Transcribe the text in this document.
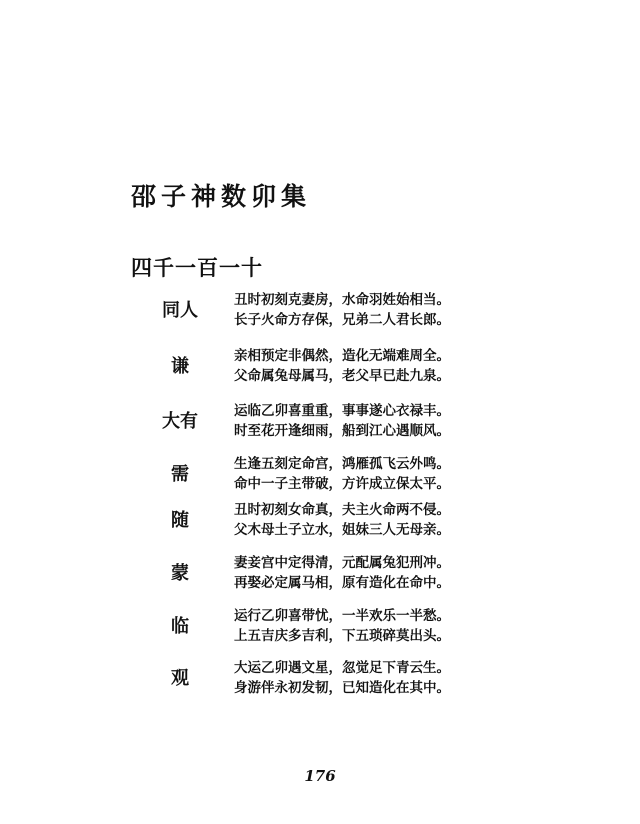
邵子神数卯集
四千一百一十
同人	丑时初刻克妻房，水命羽姓始相当。
长子火命方存保，兄弟二人君长郎。
谦	亲相预定非偶然，造化无端难周全。
父命属兔母属马，老父早已赴九泉。
大有	运临乙卯喜重重，事事遂心衣禄丰。
时至花开逢细雨，船到江心遇顺风。
需	生逢五刻定命宫，鸿雁孤飞云外鸣。
命中一子主带破，方许成立保太平。
随	丑时初刻女命真，夫主火命两不侵。
父木母土子立水，姐妹三人无母亲。
蒙	妻妾宫中定得清，元配属兔犯刑冲。
再娶必定属马相，原有造化在命中。
临	运行乙卯喜带忧，一半欢乐一半愁。
上五吉庆多吉利，下五琐碎莫出头。
观	大运乙卯遇文星，忽觉足下青云生。
身游伴永初发韧，已知造化在其中。
176
